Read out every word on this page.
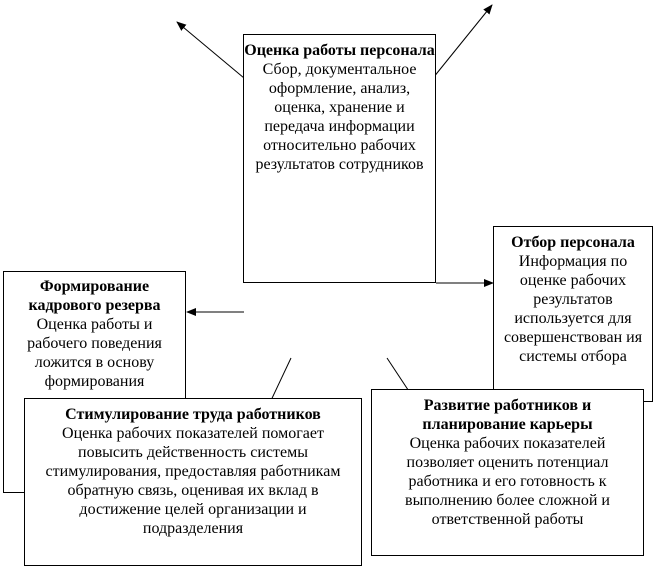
Оценка работы персонала
Сбор, документальное оформление, анализ, оценка, хранение и передача информации относительно рабочих результатов сотрудников
Формирование кадрового резерва
Оценка работы и рабочего поведения ложится в основу формирования
Отбор персонала
Информация по оценке рабочих результатов используется для совершенствован ия системы отбора
Стимулирование труда работников
Оценка рабочих показателей помогает повысить действенность системы стимулирования, предоставляя работникам обратную связь, оценивая их вклад в достижение целей организации и подразделения
Развитие работников и планирование карьеры
Оценка рабочих показателей позволяет оценить потенциал работника и его готовность к выполнению более сложной и ответственной работы
